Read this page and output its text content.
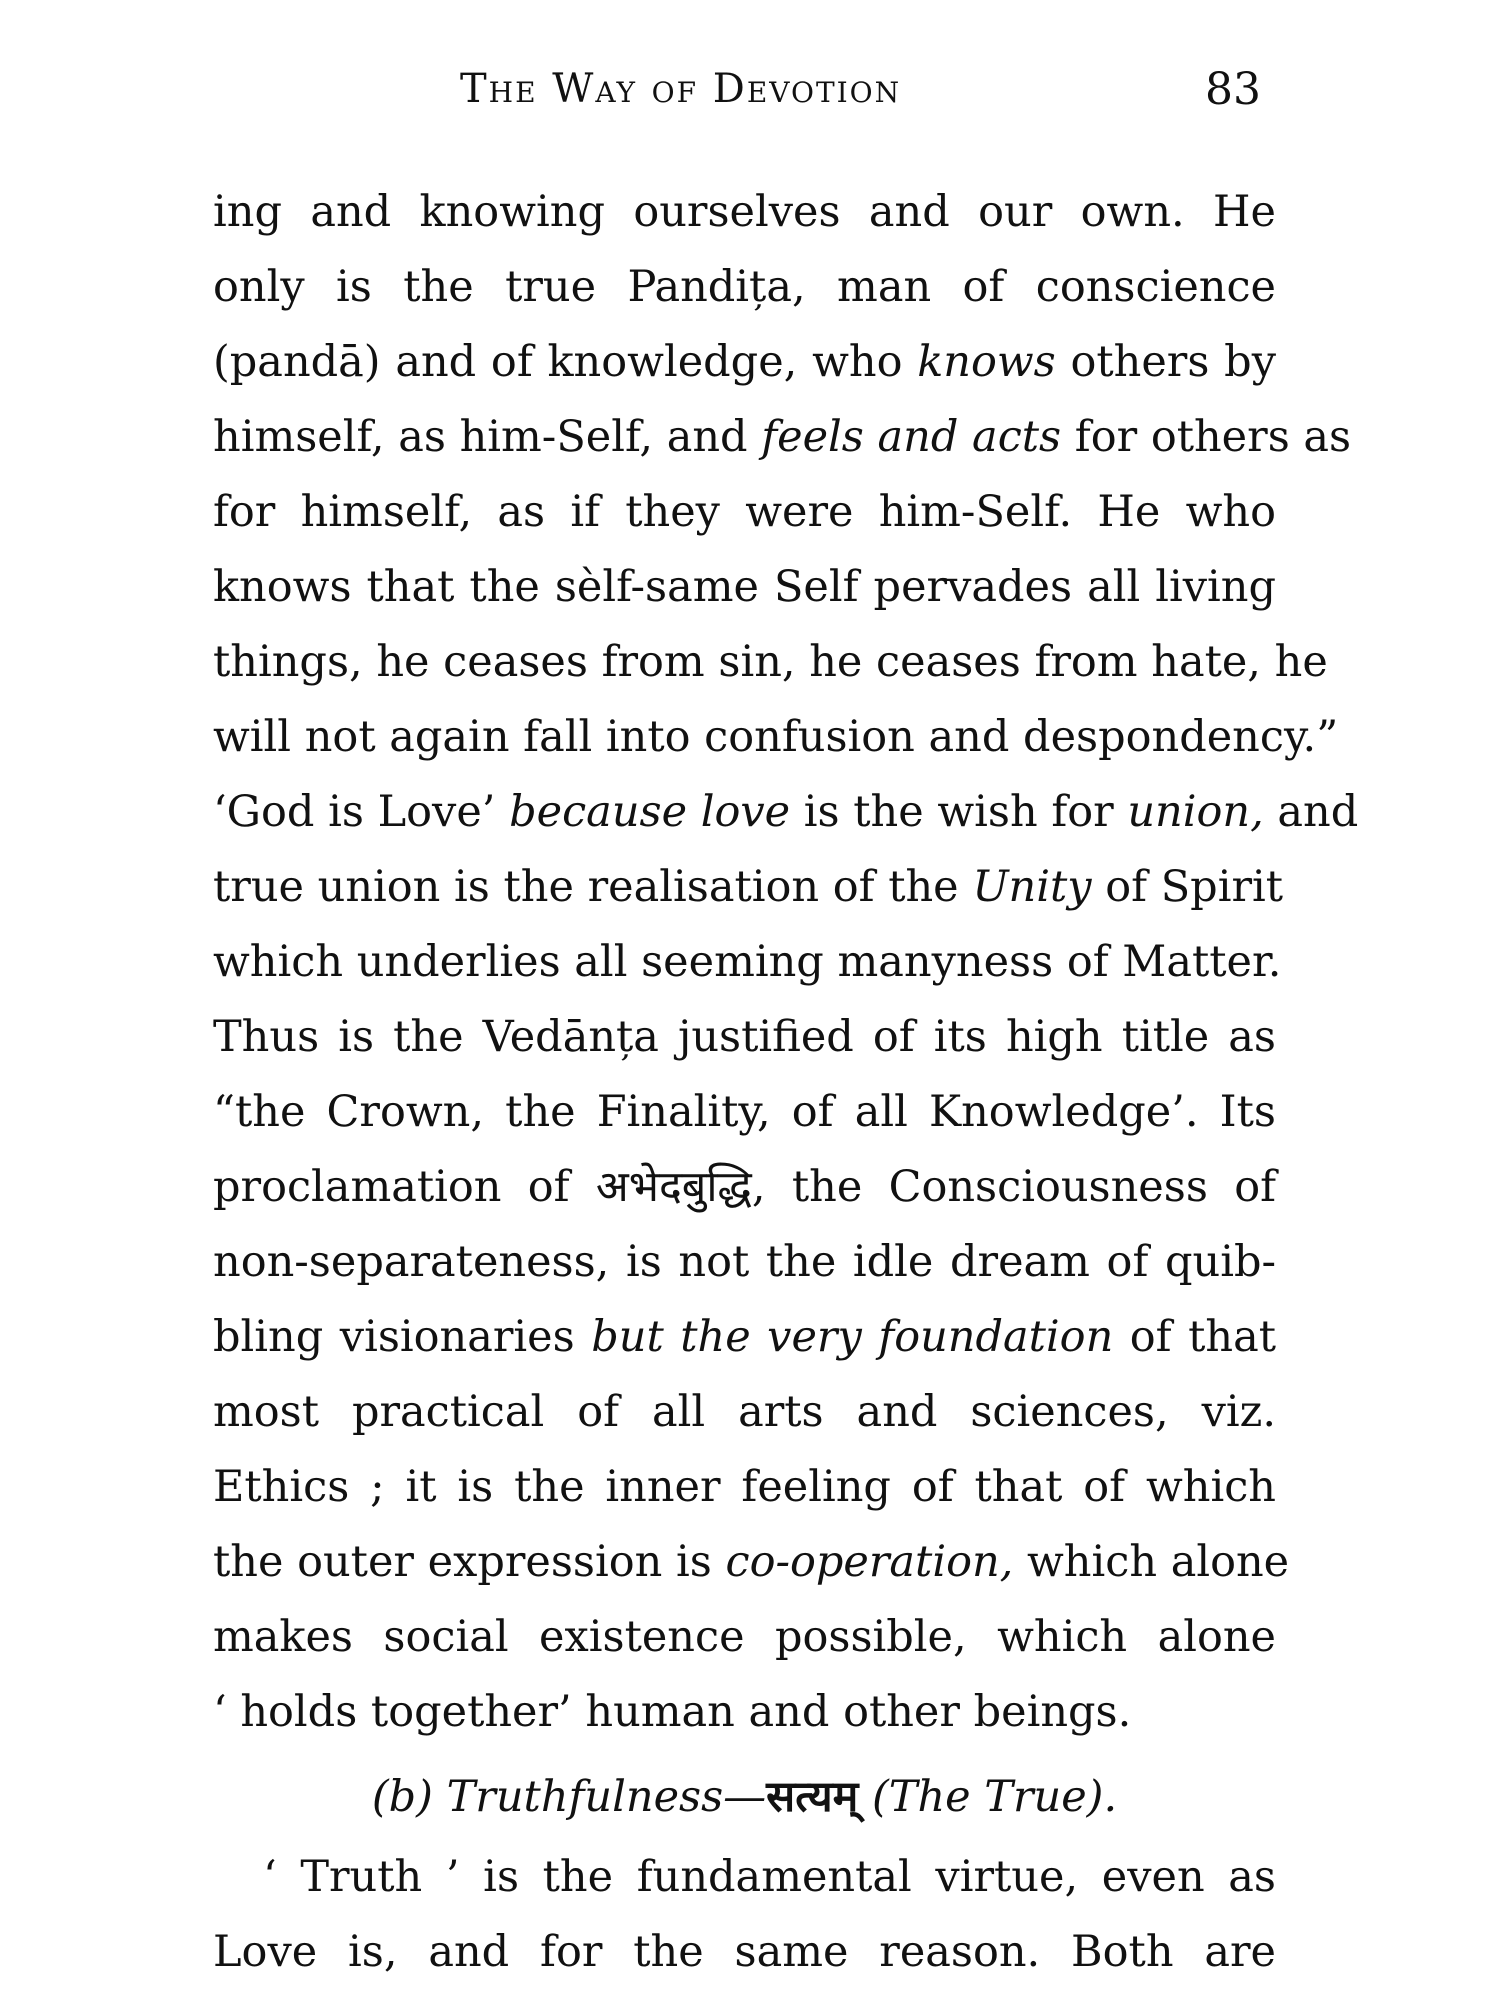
The Way of Devotion	83
ing and knowing ourselves and our own. He
only is the true Pandița, man of conscience
(pandā) and of knowledge, who knows others by
himself, as him-Self, and feels and acts for others as
for himself, as if they were him-Self. He who
knows that the sèlf-same Self pervades all living
things, he ceases from sin, he ceases from hate, he
will not again fall into confusion and despondency.”
‘God is Love’ because love is the wish for union, and
true union is the realisation of the Unity of Spirit
which underlies all seeming manyness of Matter.
Thus is the Vedānța justified of its high title as
“the Crown, the Finality, of all Knowledge’. Its
proclamation of अभेदबुद्धि, the Consciousness of
non-separateness, is not the idle dream of quib-
bling visionaries but the very foundation of that
most practical of all arts and sciences, viz.
Ethics ; it is the inner feeling of that of which
the outer expression is co-operation, which alone
makes social existence possible, which alone
‘ holds together’ human and other beings.
(b) Truthfulness—सत्यम् (The True).
‘ Truth ’ is the fundamental virtue, even as
Love is, and for the same reason. Both are
